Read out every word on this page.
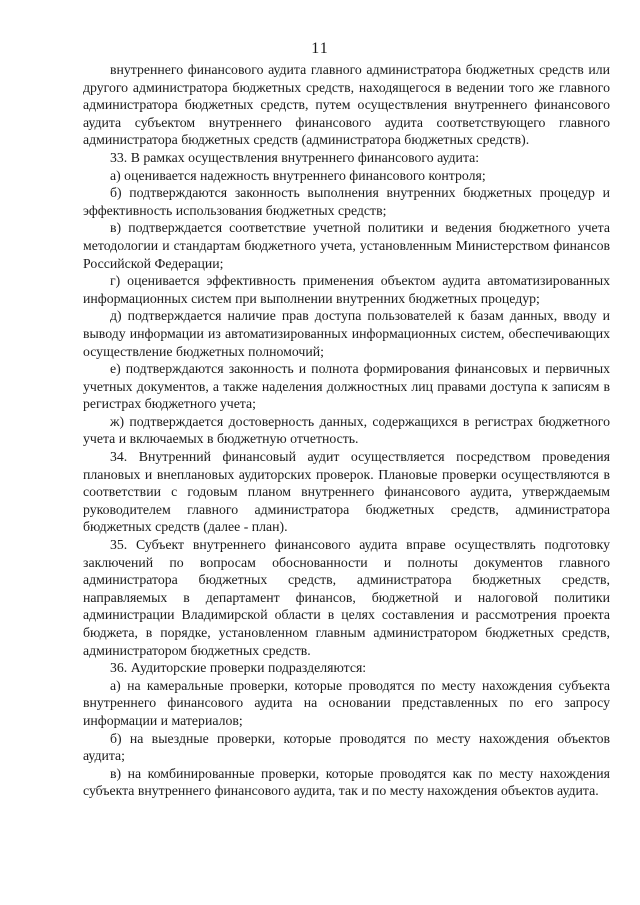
11

внутреннего финансового аудита главного администратора бюджетных средств или другого администратора бюджетных средств, находящегося в ведении того же главного администратора бюджетных средств, путем осуществления внутреннего финансового аудита субъектом внутреннего финансового аудита соответствующего главного администратора бюджетных средств (администратора бюджетных средств).

33. В рамках осуществления внутреннего финансового аудита:

а) оценивается надежность внутреннего финансового контроля;

б) подтверждаются законность выполнения внутренних бюджетных процедур и эффективность использования бюджетных средств;

в) подтверждается соответствие учетной политики и ведения бюджетного учета методологии и стандартам бюджетного учета, установленным Министерством финансов Российской Федерации;

г) оценивается эффективность применения объектом аудита автоматизированных информационных систем при выполнении внутренних бюджетных процедур;

д) подтверждается наличие прав доступа пользователей к базам данных, вводу и выводу информации из автоматизированных информационных систем, обеспечивающих осуществление бюджетных полномочий;

е) подтверждаются законность и полнота формирования финансовых и первичных учетных документов, а также наделения должностных лиц правами доступа к записям в регистрах бюджетного учета;

ж) подтверждается достоверность данных, содержащихся в регистрах бюджетного учета и включаемых в бюджетную отчетность.

34. Внутренний финансовый аудит осуществляется посредством проведения плановых и внеплановых аудиторских проверок. Плановые проверки осуществляются в соответствии с годовым планом внутреннего финансового аудита, утверждаемым руководителем главного администратора бюджетных средств, администратора бюджетных средств (далее - план).

35. Субъект внутреннего финансового аудита вправе осуществлять подготовку заключений по вопросам обоснованности и полноты документов главного администратора бюджетных средств, администратора бюджетных средств, направляемых в департамент финансов, бюджетной и налоговой политики администрации Владимирской области в целях составления и рассмотрения проекта бюджета, в порядке, установленном главным администратором бюджетных средств, администратором бюджетных средств.

36. Аудиторские проверки подразделяются:

а) на камеральные проверки, которые проводятся по месту нахождения субъекта внутреннего финансового аудита на основании представленных по его запросу информации и материалов;

б) на выездные проверки, которые проводятся по месту нахождения объектов аудита;

в) на комбинированные проверки, которые проводятся как по месту нахождения субъекта внутреннего финансового аудита, так и по месту нахождения объектов аудита.
